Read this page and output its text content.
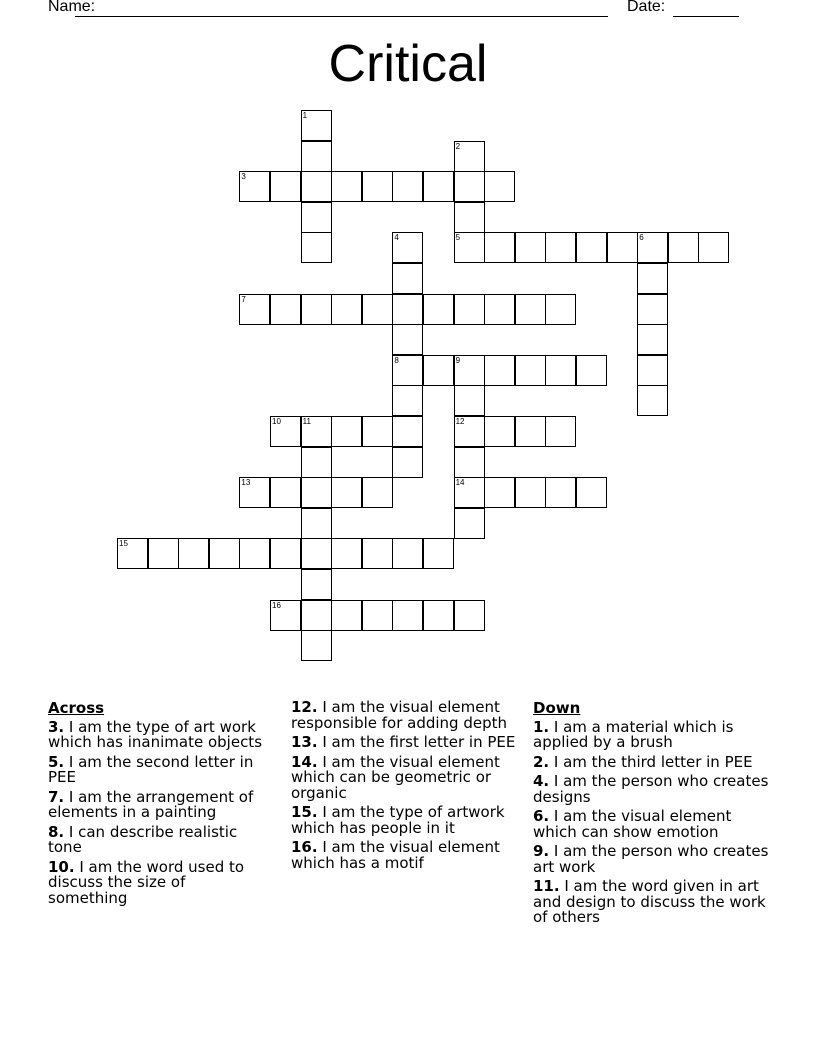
Name:	Date:
Critical
1
2
5
3
4
8
6
7
9
12
14
10	11
13
15
16
Across
3. I am the type of art work which has inanimate objects
5. I am the second letter in PEE
7. I am the arrangement of elements in a painting
8. I can describe realistic tone
10. I am the word used to discuss the size of something
12. I am the visual element responsible for adding depth
13. I am the first letter in PEE
14. I am the visual element which can be geometric or organic
15. I am the type of artwork which has people in it
16. I am the visual element which has a motif
Down
1. I am a material which is applied by a brush
2. I am the third letter in PEE
4. I am the person who creates designs
6. I am the visual element which can show emotion
9. I am the person who creates art work
11. I am the word given in art and design to discuss the work of others
